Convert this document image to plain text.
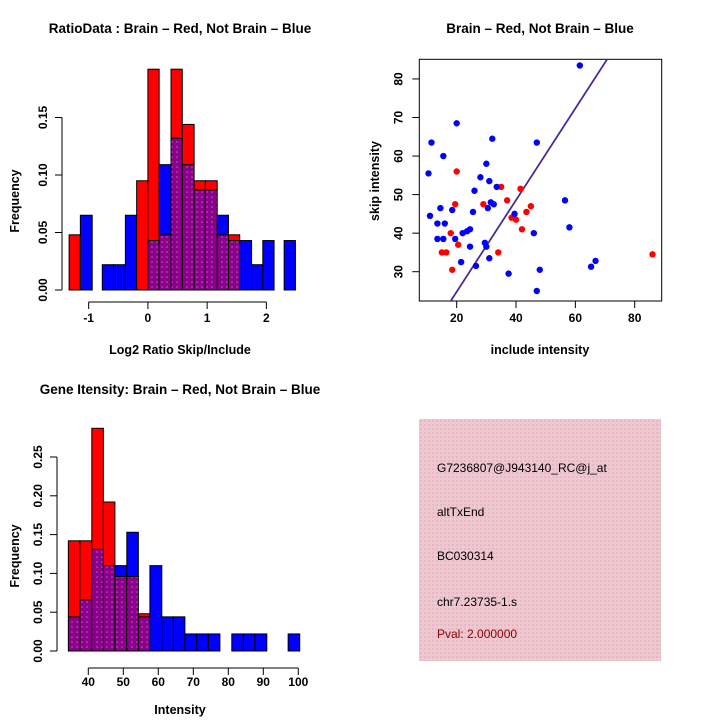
-1	0	1	2
0.00
0.05
0.10
0.15
20	40	60	80
30
40
50
60
70
80
40 50 60 70 80 90 100
0.00
0.05
0.10
0.15
0.20
0.25
RatioData : Brain – Red, Not Brain – Blue	Brain – Red, Not Brain – Blue
Gene Itensity: Brain – Red, Not Brain – Blue
Log2 Ratio Skip/Include	include intensity
Intensity
Frequency	skip intensity
Frequency
G7236807@J943140_RC@j_at
altTxEnd
BC030314
chr7.23735-1.s
Pval: 2.000000
